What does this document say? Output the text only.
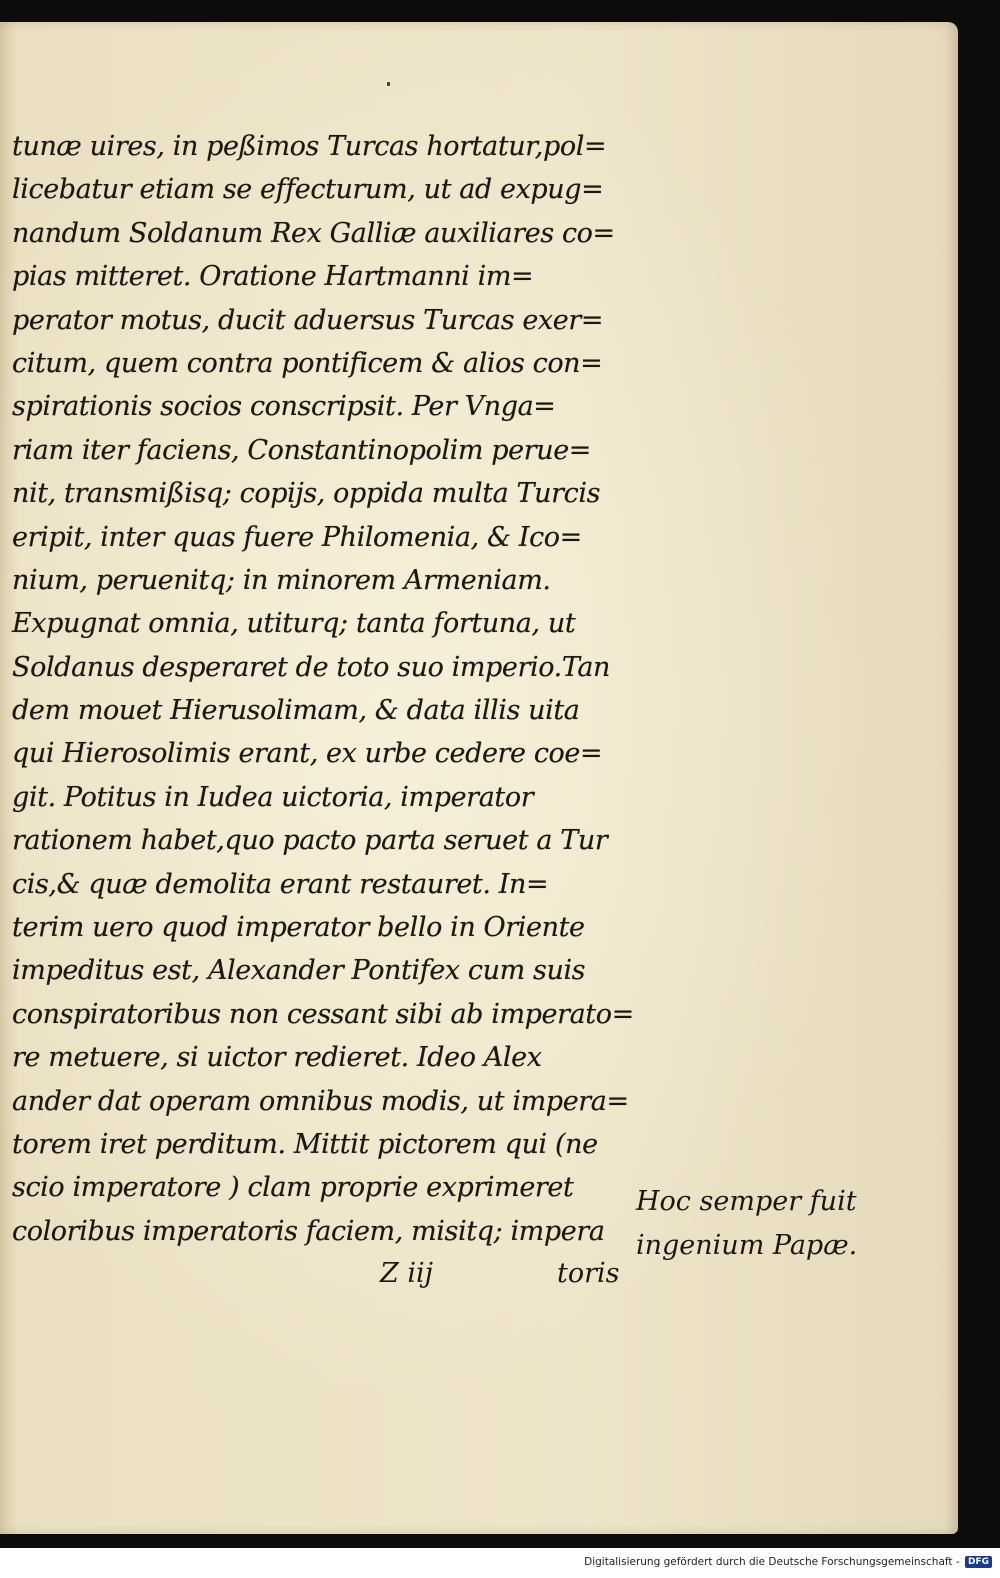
tunæ uires, in peßimos Turcas hortatur,pol=
licebatur etiam se effecturum, ut ad expug=
nandum Soldanum Rex Galliæ auxiliares co=
pias mitteret. Oratione Hartmanni im=
perator motus, ducit aduersus Turcas exer=
citum, quem contra pontificem & alios con=
spirationis socios conscripsit. Per Vnga=
riam iter faciens, Constantinopolim perue=
nit, transmißisq; copijs, oppida multa Turcis
eripit, inter quas fuere Philomenia, & Ico=
nium, peruenitq; in minorem Armeniam.
Expugnat omnia, utiturq; tanta fortuna, ut
Soldanus desperaret de toto suo imperio.Tan
dem mouet Hierusolimam, & data illis uita
qui Hierosolimis erant, ex urbe cedere coe=
git. Potitus in Iudea uictoria, imperator
rationem habet,quo pacto parta seruet a Tur
cis,& quæ demolita erant restauret. In=
terim uero quod imperator bello in Oriente
impeditus est, Alexander Pontifex cum suis
conspiratoribus non cessant sibi ab imperato=
re metuere, si uictor redieret. Ideo Alex
ander dat operam omnibus modis, ut impera=
torem iret perditum. Mittit pictorem qui (ne
scio imperatore ) clam proprie exprimeret
coloribus imperatoris faciem, misitq; impera
Z iij	toris
Hoc semper fuit
ingenium Papæ.
Digitalisierung gefördert durch die Deutsche Forschungsgemeinschaft - DFG
